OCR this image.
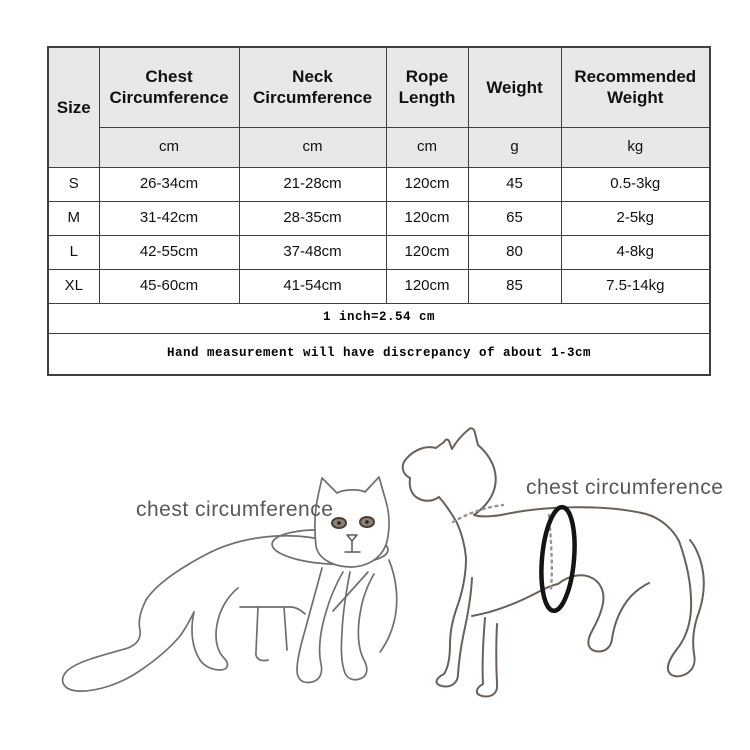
Size	Chest Circumference	Neck Circumference	Rope Length	Weight	Recommended Weight
	cm	cm	cm	g	kg
S	26-34cm	21-28cm	120cm	45	0.5-3kg
M	31-42cm	28-35cm	120cm	65	2-5kg
L	42-55cm	37-48cm	120cm	80	4-8kg
XL	45-60cm	41-54cm	120cm	85	7.5-14kg
1 inch=2.54 cm					
Hand measurement will have discrepancy of about 1-3cm					
chest circumference
chest circumference
